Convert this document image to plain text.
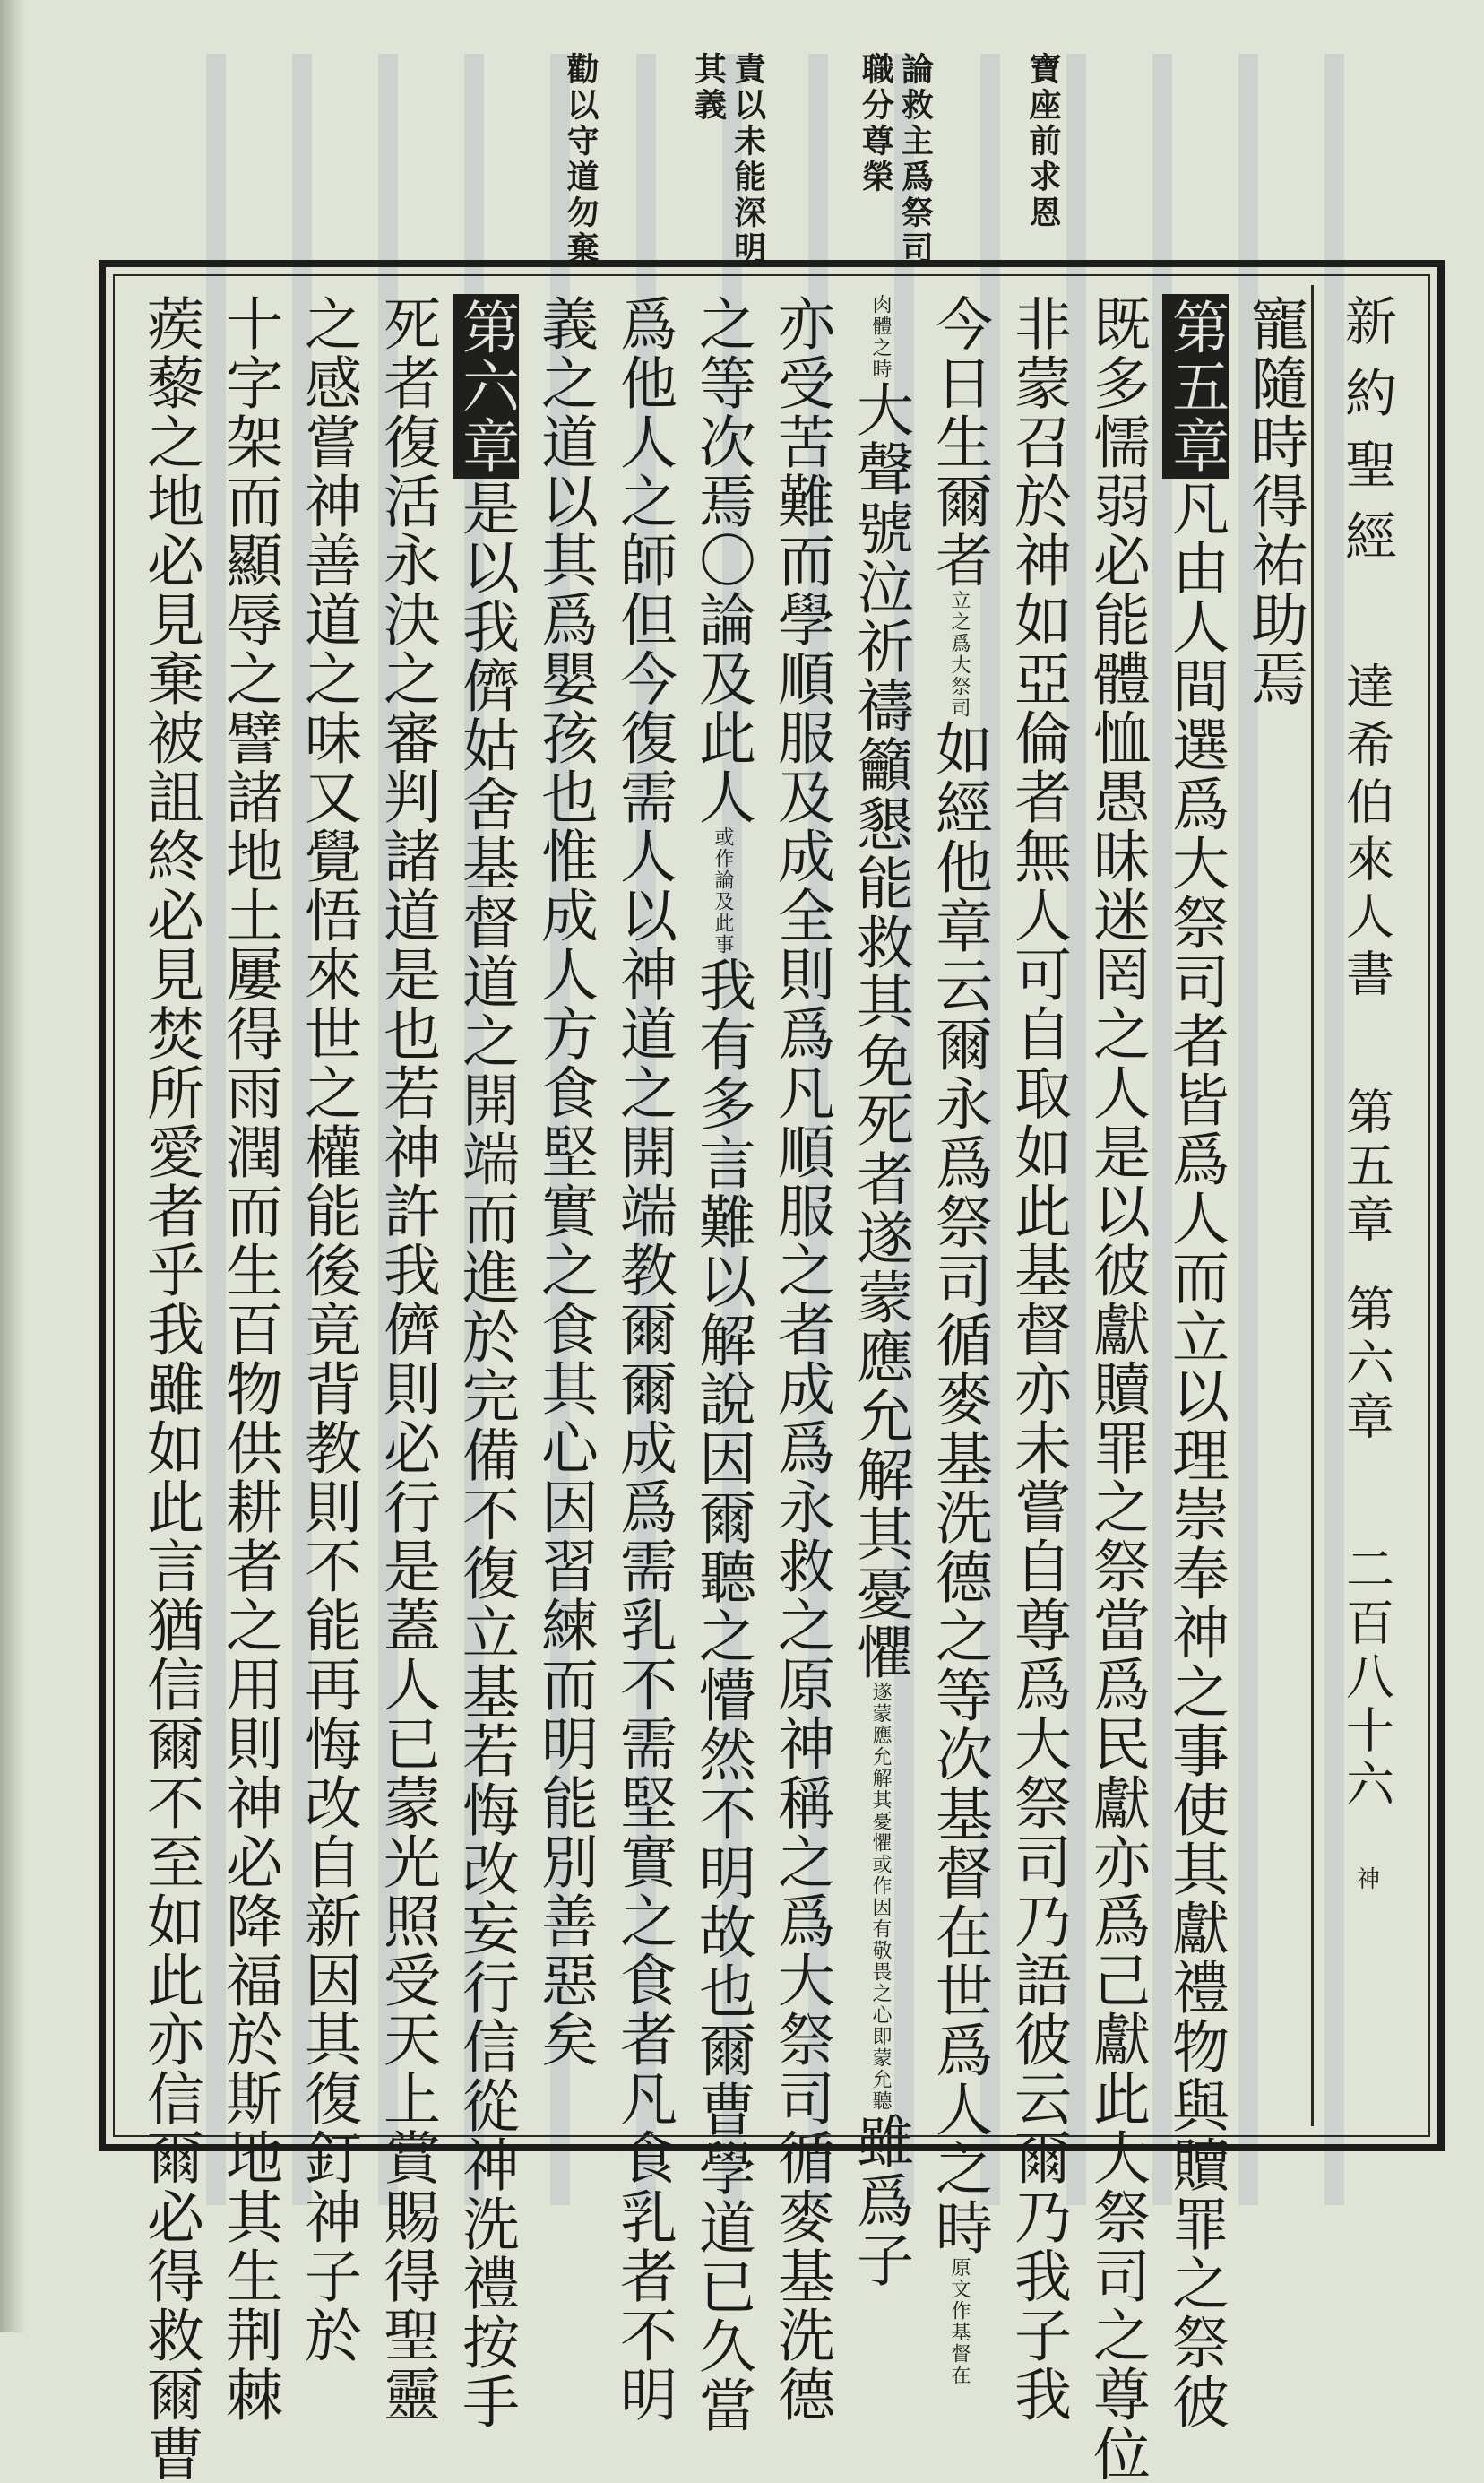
寶座前求恩
論救主爲祭司職分尊榮
責以未能深明其義
勸以守道勿棄
新約聖經
達希伯來人書
第五章
第六章
二百八十六
神
寵隨時得祐助焉
第五章凡由人間選爲大祭司者皆爲人而立以理崇奉神之事使其獻禮物與贖罪之祭彼
既多懦弱必能體恤愚昧迷罔之人是以彼獻贖罪之祭當爲民獻亦爲己獻此大祭司之尊位
非蒙召於神如亞倫者無人可自取如此基督亦未嘗自尊爲大祭司乃語彼云爾乃我子我
今日生爾者立之爲大祭司如經他章云爾永爲祭司循麥基洗德之等次基督在世爲人之時原文作基督在
肉體之時大聲號泣祈禱籲懇能救其免死者遂蒙應允解其憂懼遂蒙應允解其憂懼或作因有敬畏之心即蒙允聽雖爲子
亦受苦難而學順服及成全則爲凡順服之者成爲永救之原神稱之爲大祭司循麥基洗德
之等次焉〇論及此人或作論及此事我有多言難以解說因爾聽之懵然不明故也爾曹學道已久當
爲他人之師但今復需人以神道之開端教爾爾成爲需乳不需堅實之食者凡食乳者不明
義之道以其爲嬰孩也惟成人方食堅實之食其心因習練而明能別善惡矣
第六章是以我儕姑舍基督道之開端而進於完備不復立基若悔改妄行信從神洗禮按手
死者復活永決之審判諸道是也若神許我儕則必行是蓋人已蒙光照受天上賞賜得聖靈
之感嘗神善道之味又覺悟來世之權能後竟背教則不能再悔改自新因其復釘神子於
十字架而顯辱之譬諸地土屢得雨潤而生百物供耕者之用則神必降福於斯地其生荆棘
蒺藜之地必見棄被詛終必見焚所愛者乎我雖如此言猶信爾不至如此亦信爾必得救爾曹
